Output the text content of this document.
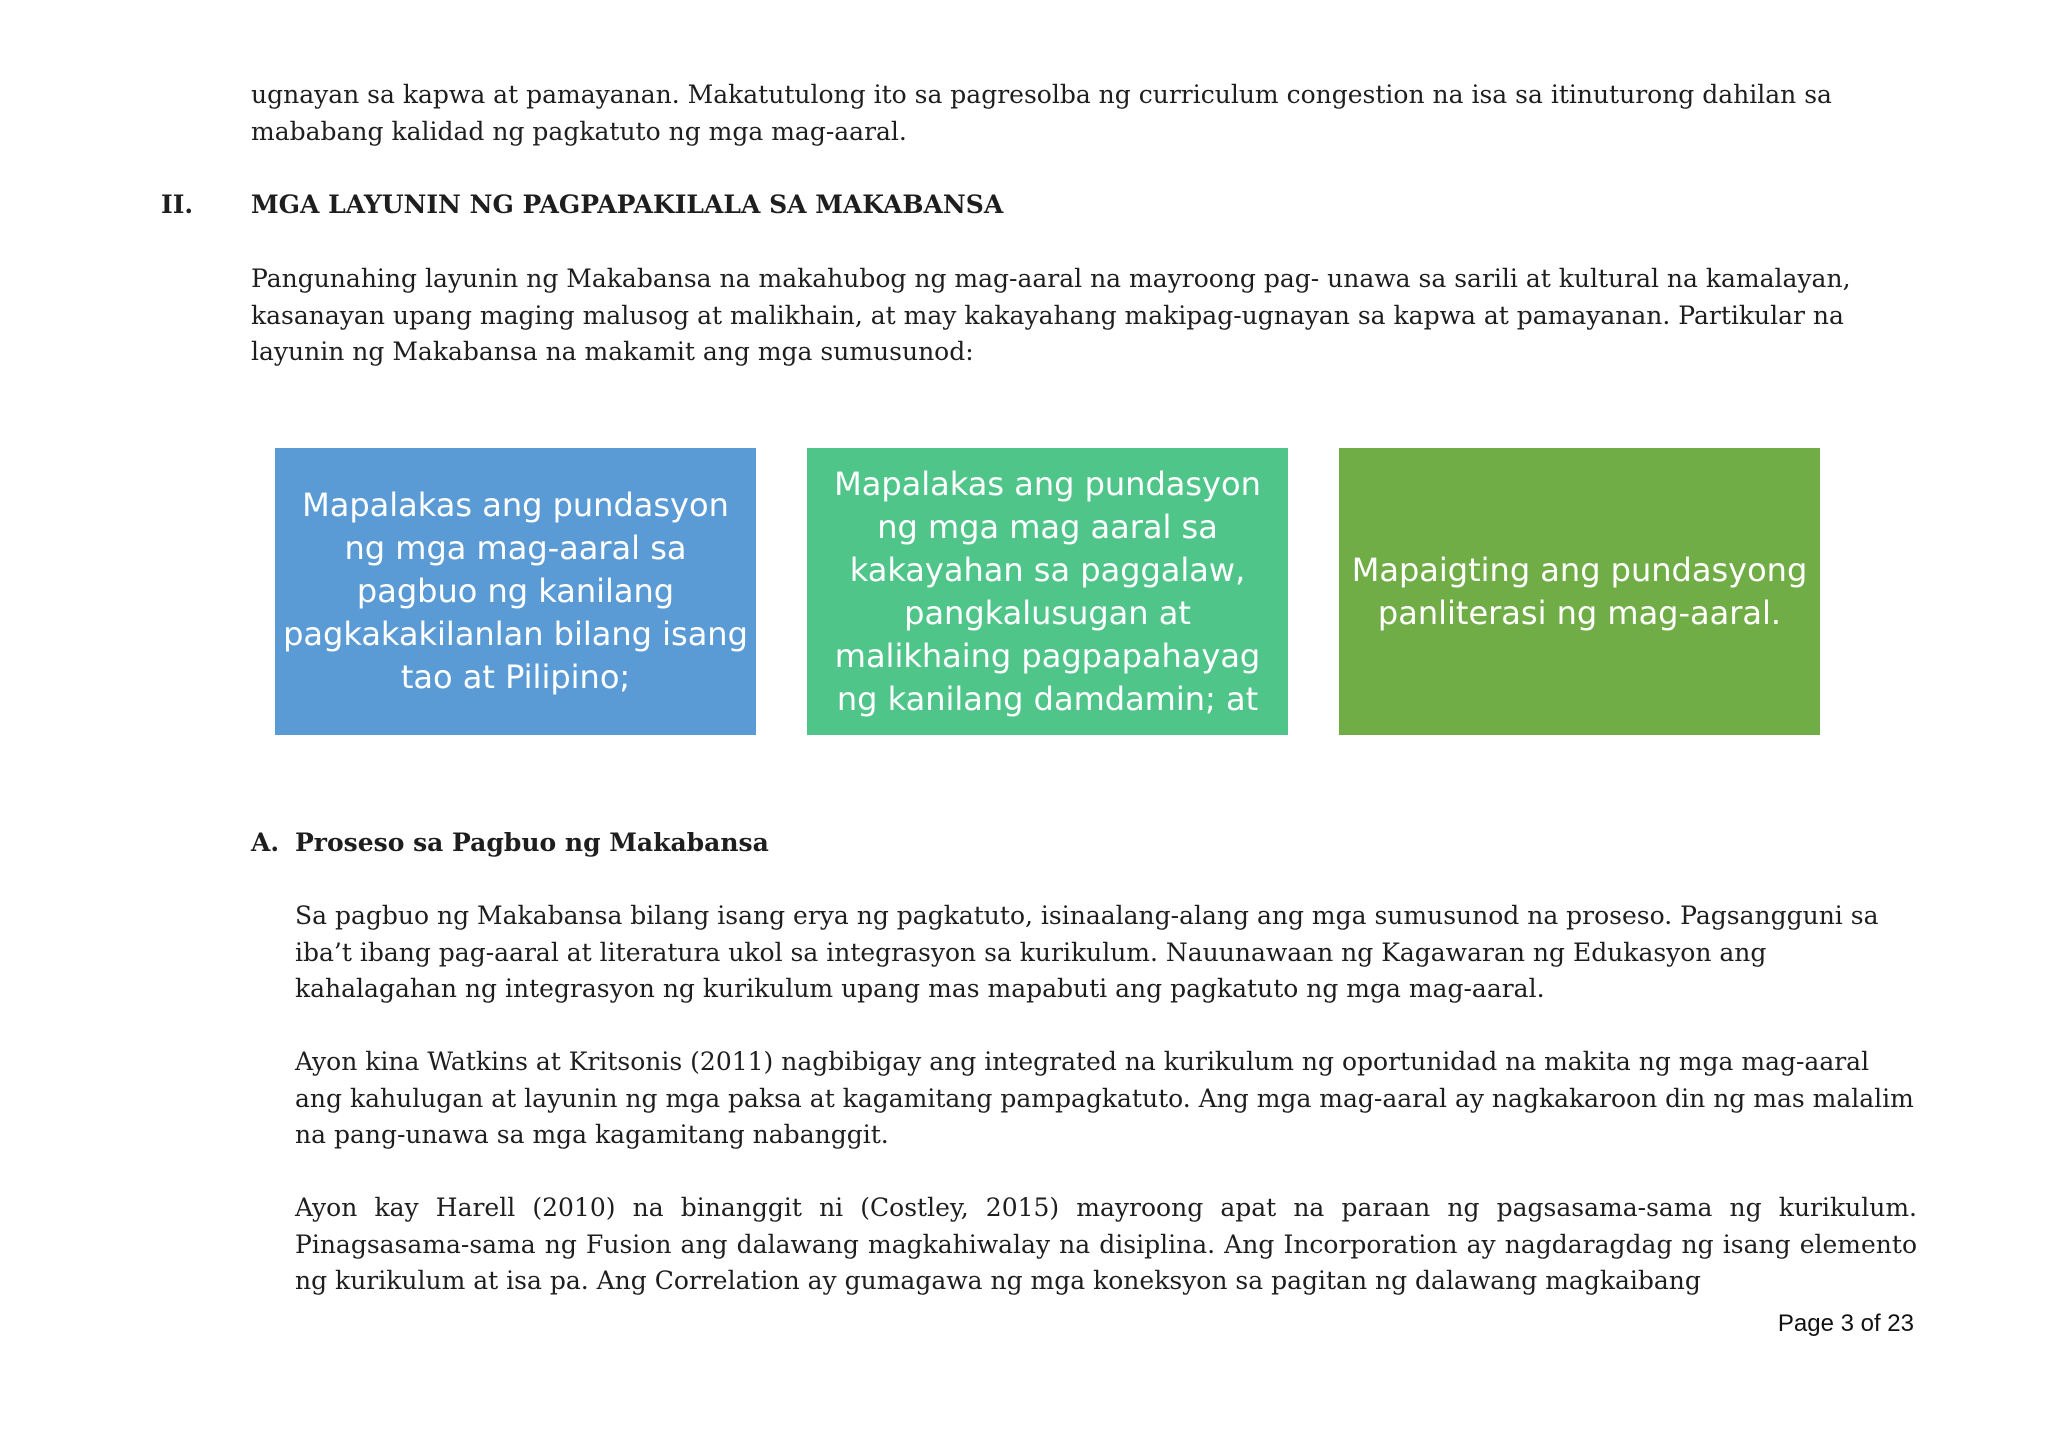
ugnayan sa kapwa at pamayanan. Makatutulong ito sa pagresolba ng curriculum congestion na isa sa itinuturong dahilan sa mababang kalidad ng pagkatuto ng mga mag-aaral.

II. MGA LAYUNIN NG PAGPAPAKILALA SA MAKABANSA

Pangunahing layunin ng Makabansa na makahubog ng mag-aaral na mayroong pag- unawa sa sarili at kultural na kamalayan, kasanayan upang maging malusog at malikhain, at may kakayahang makipag-ugnayan sa kapwa at pamayanan. Partikular na layunin ng Makabansa na makamit ang mga sumusunod:

Mapalakas ang pundasyon ng mga mag-aaral sa pagbuo ng kanilang pagkakakilanlan bilang isang tao at Pilipino;
Mapalakas ang pundasyon ng mga mag aaral sa kakayahan sa paggalaw, pangkalusugan at malikhaing pagpapahayag ng kanilang damdamin; at
Mapaigting ang pundasyong panliterasi ng mag-aaral.
A. Proseso sa Pagbuo ng Makabansa

Sa pagbuo ng Makabansa bilang isang erya ng pagkatuto, isinaalang-alang ang mga sumusunod na proseso. Pagsangguni sa iba’t ibang pag-aaral at literatura ukol sa integrasyon sa kurikulum. Nauunawaan ng Kagawaran ng Edukasyon ang kahalagahan ng integrasyon ng kurikulum upang mas mapabuti ang pagkatuto ng mga mag-aaral.

Ayon kina Watkins at Kritsonis (2011) nagbibigay ang integrated na kurikulum ng oportunidad na makita ng mga mag-aaral ang kahulugan at layunin ng mga paksa at kagamitang pampagkatuto. Ang mga mag-aaral ay nagkakaroon din ng mas malalim na pang-unawa sa mga kagamitang nabanggit.

Ayon kay Harell (2010) na binanggit ni (Costley, 2015) mayroong apat na paraan ng pagsasama-sama ng kurikulum. Pinagsasama-sama ng Fusion ang dalawang magkahiwalay na disiplina. Ang Incorporation ay nagdaragdag ng isang elemento ng kurikulum at isa pa. Ang Correlation ay gumagawa ng mga koneksyon sa pagitan ng dalawang magkaibang

Page 3 of 23
